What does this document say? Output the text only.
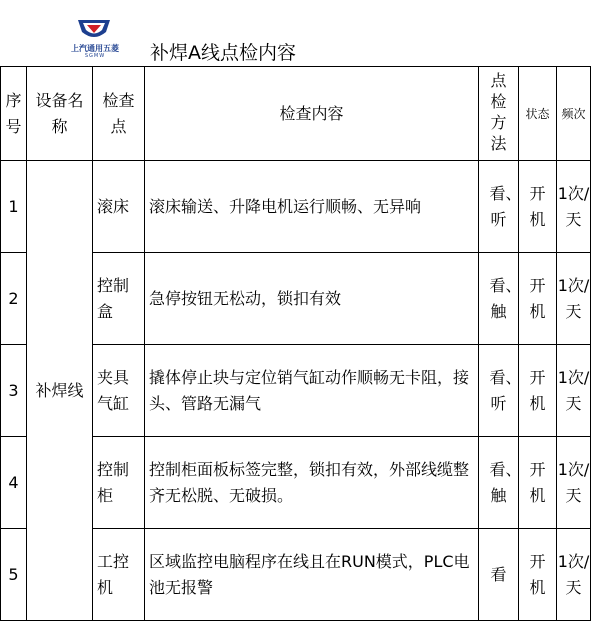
上汽通用五菱
SGMW	补焊A线点检内容
序号	设备名称	检查点	检查内容	点检方法	状态	频次
1	补焊线	滚床	滚床输送、升降电机运行顺畅、无异响	看、听	开机	1次/天
2		控制盒	急停按钮无松动，锁扣有效	看、触	开机	1次/天
3		夹具气缸	撬体停止块与定位销气缸动作顺畅无卡阻，接头、管路无漏气	看、听	开机	1次/天
4		控制柜	控制柜面板标签完整，锁扣有效，外部线缆整齐无松脱、无破损。	看、触	开机	1次/天
5		工控机	区域监控电脑程序在线且在RUN模式，PLC电池无报警	看	开机	1次/天
